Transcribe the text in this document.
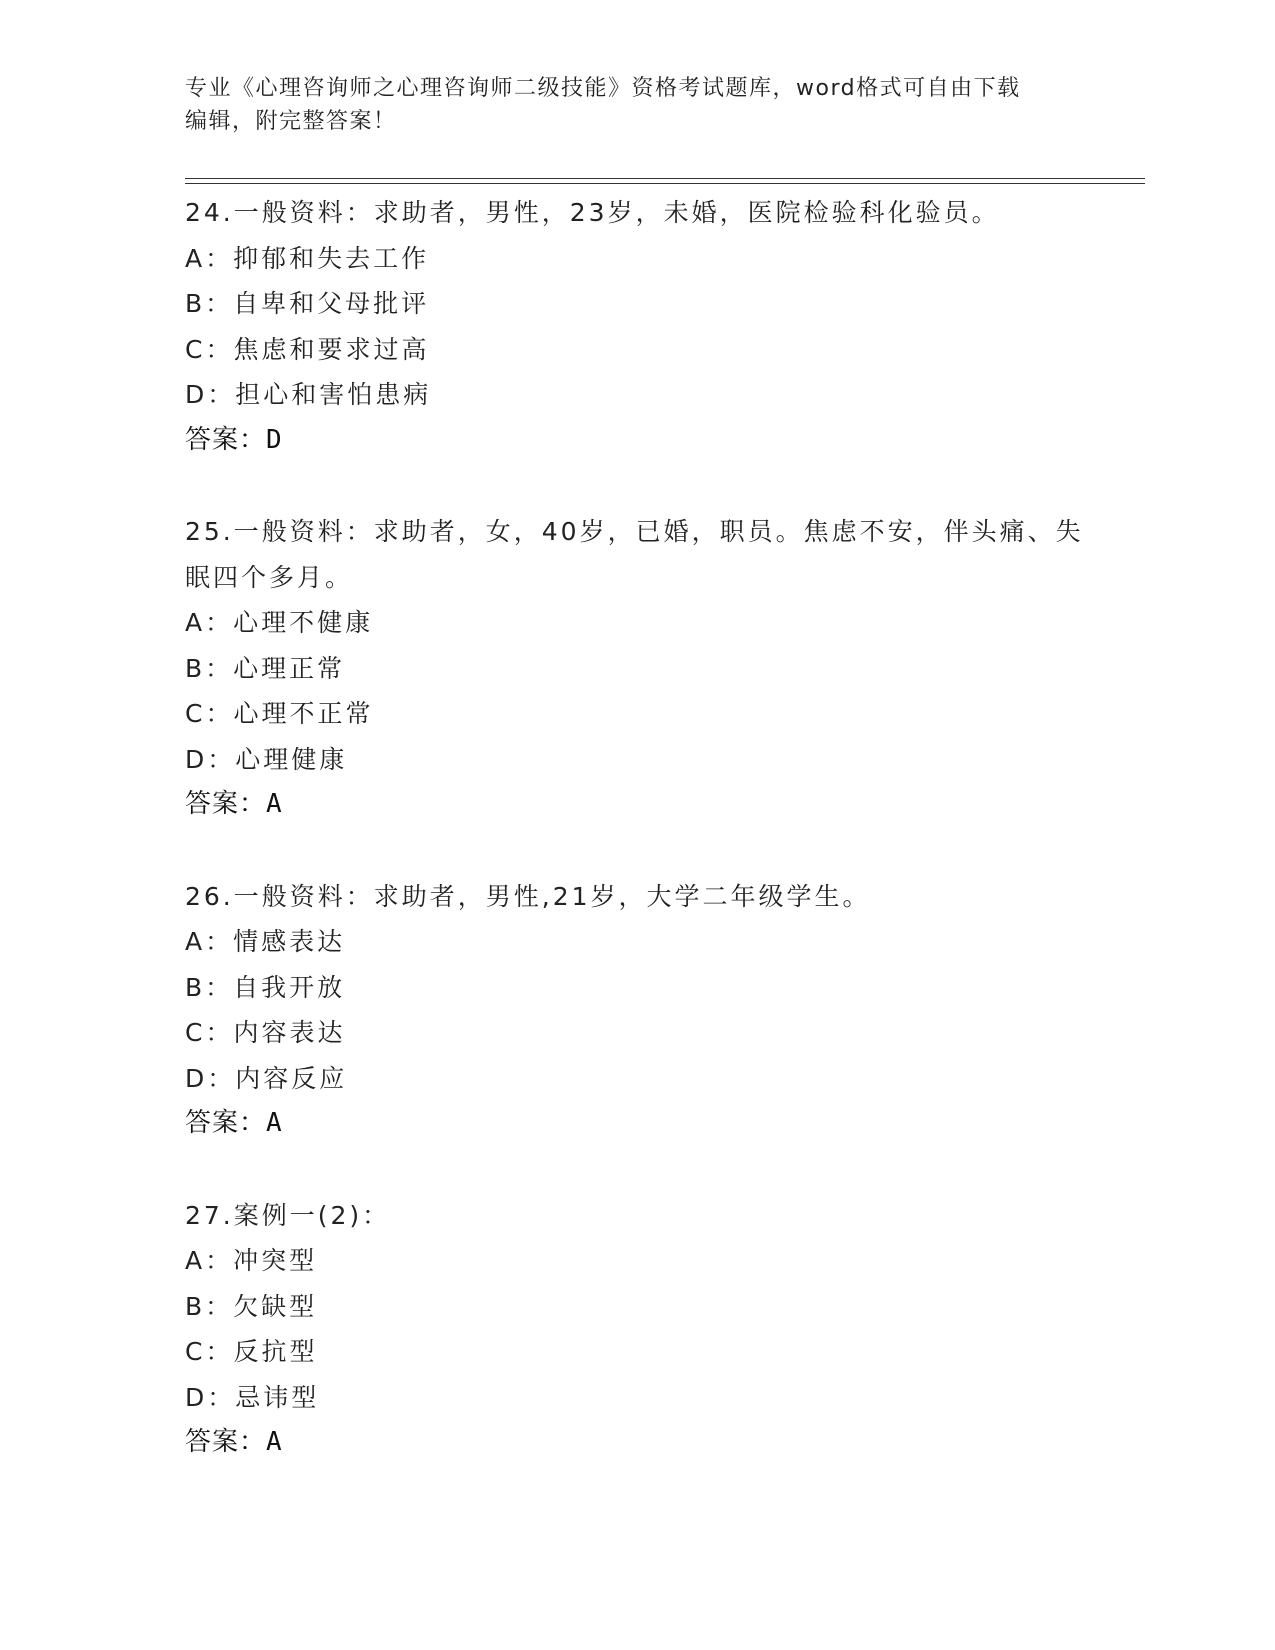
专业《心理咨询师之心理咨询师二级技能》资格考试题库，word格式可自由下载
编辑，附完整答案！
24.一般资料：求助者，男性，23岁，未婚，医院检验科化验员。
A：抑郁和失去工作
B：自卑和父母批评
C：焦虑和要求过高
D：担心和害怕患病
答案：D
25.一般资料：求助者，女，40岁，已婚，职员。焦虑不安，伴头痛、失眠四个多月。
A：心理不健康
B：心理正常
C：心理不正常
D：心理健康
答案：A
26.一般资料：求助者，男性,21岁，大学二年级学生。
A：情感表达
B：自我开放
C：内容表达
D：内容反应
答案：A
27.案例一(2)：
A：冲突型
B：欠缺型
C：反抗型
D：忌讳型
答案：A
